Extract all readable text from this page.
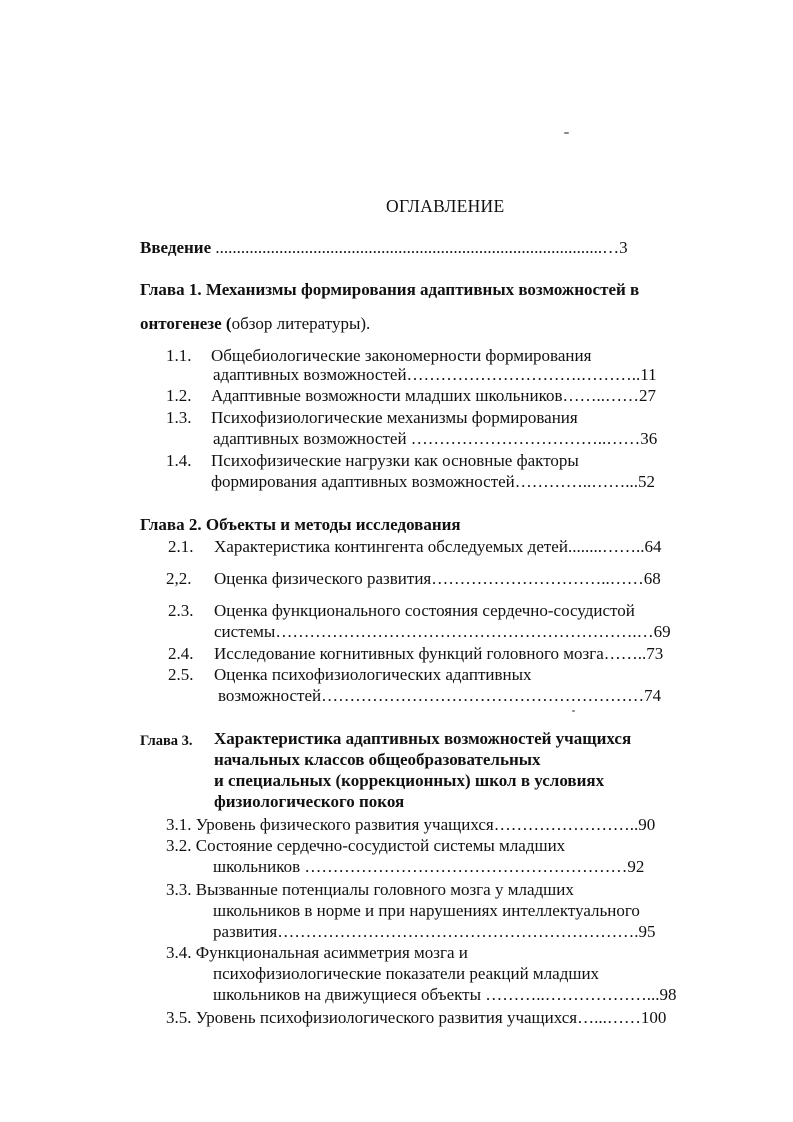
ОГЛАВЛЕНИЕ
Введение ...........................................................................................…3
Глава 1. Механизмы формирования адаптивных возможностей в
онтогенезе (обзор литературы).
1.1. Общебиологические закономерности формирования
адаптивных возможностей………………………….………..11
1.2. Адаптивные возможности младших школьников……..……27
1.3. Психофизиологические механизмы формирования
адаптивных возможностей ……………………………..……36
1.4. Психофизические нагрузки как основные факторы
формирования адаптивных возможностей…………..……...52
Глава 2. Объекты и методы исследования
2.1. Характеристика контингента обследуемых детей........……..64
2,2. Оценка физического развития…………………………..……68
2.3. Оценка функционального состояния сердечно-сосудистой
системы……………………………………………………….…69
2.4. Исследование когнитивных функций головного мозга……..73
2.5. Оценка психофизиологических адаптивных
возможностей…………………………………………………74
Глава 3. Характеристика адаптивных возможностей учащихся
начальных классов общеобразовательных
и специальных (коррекционных) школ в условиях
физиологического покоя
3.1. Уровень физического развития учащихся……………………..90
3.2. Состояние сердечно-сосудистой системы младших
школьников …………………………………………………92
3.3. Вызванные потенциалы головного мозга у младших
школьников в норме и при нарушениях интеллектуального
развития……………………………………………………….95
3.4. Функциональная асимметрия мозга и
психофизиологические показатели реакций младших
школьников на движущиеся объекты ………..………………...98
3.5. Уровень психофизиологического развития учащихся…...……100
